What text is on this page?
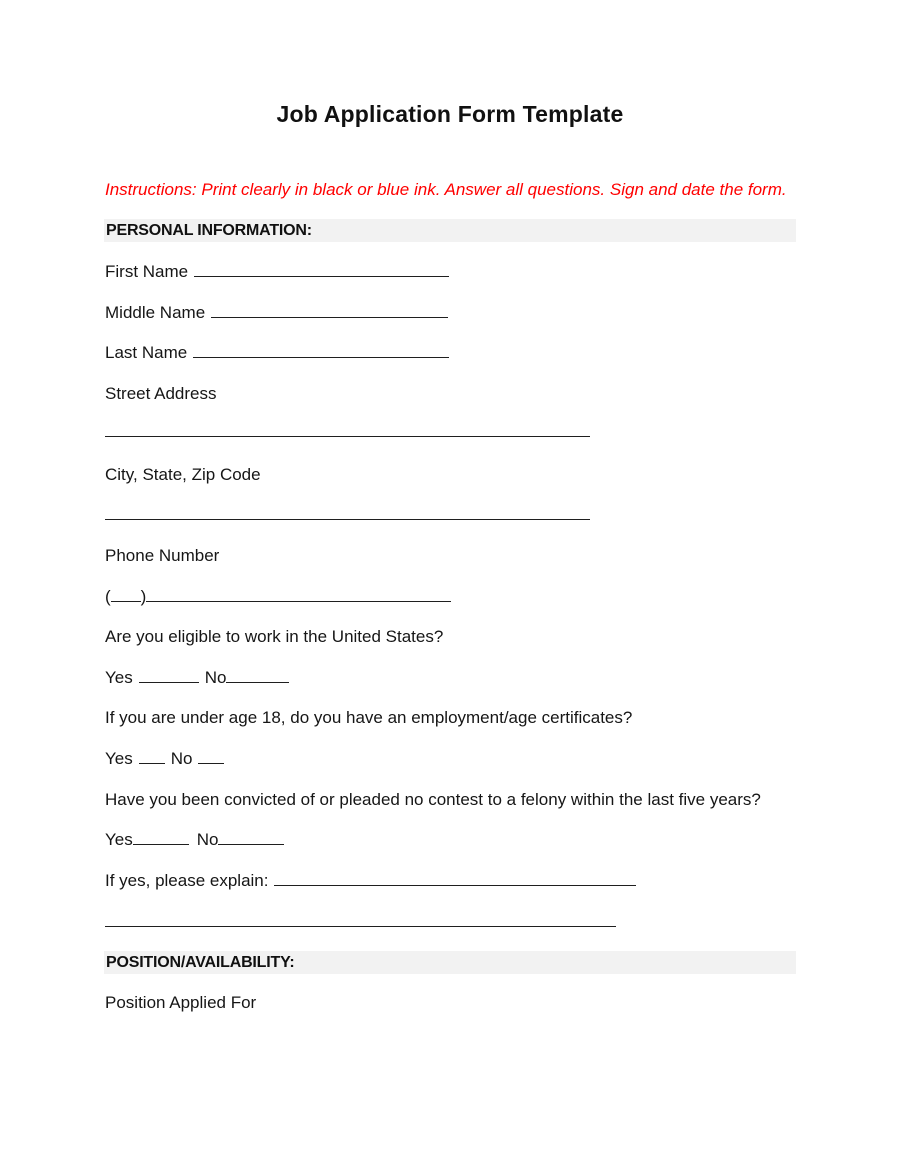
Job Application Form Template

Instructions: Print clearly in black or blue ink. Answer all questions. Sign and date the form.

PERSONAL INFORMATION:
First Name
Middle Name
Last Name
Street Address
City, State, Zip Code
Phone Number
( )
Are you eligible to work in the United States?
Yes	No
If you are under age 18, do you have an employment/age certificates?
Yes No
Have you been convicted of or pleaded no contest to a felony within the last five years?
Yes	No
If yes, please explain:
POSITION/AVAILABILITY:
Position Applied For
